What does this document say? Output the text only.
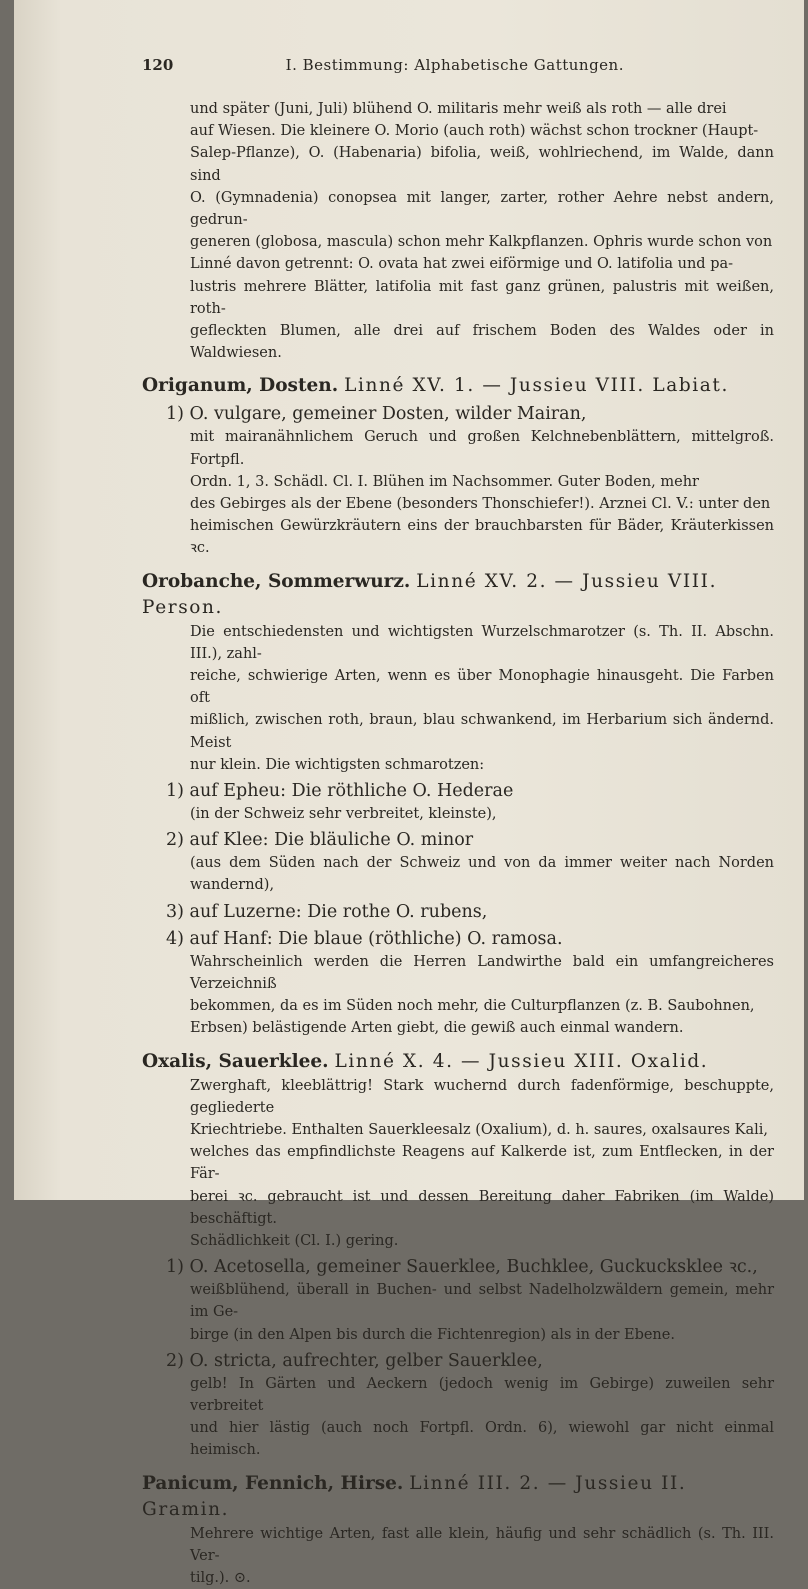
120	I. Bestimmung: Alphabetische Gattungen.
und später (Juni, Juli) blühend O. militaris mehr weiß als roth — alle drei
auf Wiesen. Die kleinere O. Morio (auch roth) wächst schon trockner (Haupt-
Salep-Pflanze), O. (Habenaria) bifolia, weiß, wohlriechend, im Walde, dann sind
O. (Gymnadenia) conopsea mit langer, zarter, rother Aehre nebst andern, gedrun-
generen (globosa, mascula) schon mehr Kalkpflanzen. Ophris wurde schon von
Linné davon getrennt: O. ovata hat zwei eiförmige und O. latifolia und pa-
lustris mehrere Blätter, latifolia mit fast ganz grünen, palustris mit weißen, roth-
gefleckten Blumen, alle drei auf frischem Boden des Waldes oder in Waldwiesen.
Origanum, Dosten. Linné XV. 1. — Jussieu VIII. Labiat.
1) O. vulgare, gemeiner Dosten, wilder Mairan,
mit mairanähnlichem Geruch und großen Kelchnebenblättern, mittelgroß. Fortpfl.
Ordn. 1, 3. Schädl. Cl. I. Blühen im Nachsommer. Guter Boden, mehr
des Gebirges als der Ebene (besonders Thonschiefer!). Arznei Cl. V.: unter den
heimischen Gewürzkräutern eins der brauchbarsten für Bäder, Kräuterkissen ꝛc.
Orobanche, Sommerwurz. Linné XV. 2. — Jussieu VIII. Person.
Die entschiedensten und wichtigsten Wurzelschmarotzer (s. Th. II. Abschn. III.), zahl-
reiche, schwierige Arten, wenn es über Monophagie hinausgeht. Die Farben oft
mißlich, zwischen roth, braun, blau schwankend, im Herbarium sich ändernd. Meist
nur klein. Die wichtigsten schmarotzen:
1) auf Epheu: Die röthliche O. Hederae
(in der Schweiz sehr verbreitet, kleinste),
2) auf Klee: Die bläuliche O. minor
(aus dem Süden nach der Schweiz und von da immer weiter nach Norden wandernd),
3) auf Luzerne: Die rothe O. rubens,
4) auf Hanf: Die blaue (röthliche) O. ramosa.
Wahrscheinlich werden die Herren Landwirthe bald ein umfangreicheres Verzeichniß
bekommen, da es im Süden noch mehr, die Culturpflanzen (z. B. Saubohnen,
Erbsen) belästigende Arten giebt, die gewiß auch einmal wandern.
Oxalis, Sauerklee. Linné X. 4. — Jussieu XIII. Oxalid.
Zwerghaft, kleeblättrig! Stark wuchernd durch fadenförmige, beschuppte, gegliederte
Kriechtriebe. Enthalten Sauerkleesalz (Oxalium), d. h. saures, oxalsaures Kali,
welches das empfindlichste Reagens auf Kalkerde ist, zum Entflecken, in der Fär-
berei ꝛc. gebraucht ist und dessen Bereitung daher Fabriken (im Walde) beschäftigt.
Schädlichkeit (Cl. I.) gering.
1) O. Acetosella, gemeiner Sauerklee, Buchklee, Guckucksklee ꝛc.,
weißblühend, überall in Buchen- und selbst Nadelholzwäldern gemein, mehr im Ge-
birge (in den Alpen bis durch die Fichtenregion) als in der Ebene.
2) O. stricta, aufrechter, gelber Sauerklee,
gelb! In Gärten und Aeckern (jedoch wenig im Gebirge) zuweilen sehr verbreitet
und hier lästig (auch noch Fortpfl. Ordn. 6), wiewohl gar nicht einmal heimisch.
Panicum, Fennich, Hirse. Linné III. 2. — Jussieu II. Gramin.
Mehrere wichtige Arten, fast alle klein, häufig und sehr schädlich (s. Th. III. Ver-
tilg.). ⊙.
